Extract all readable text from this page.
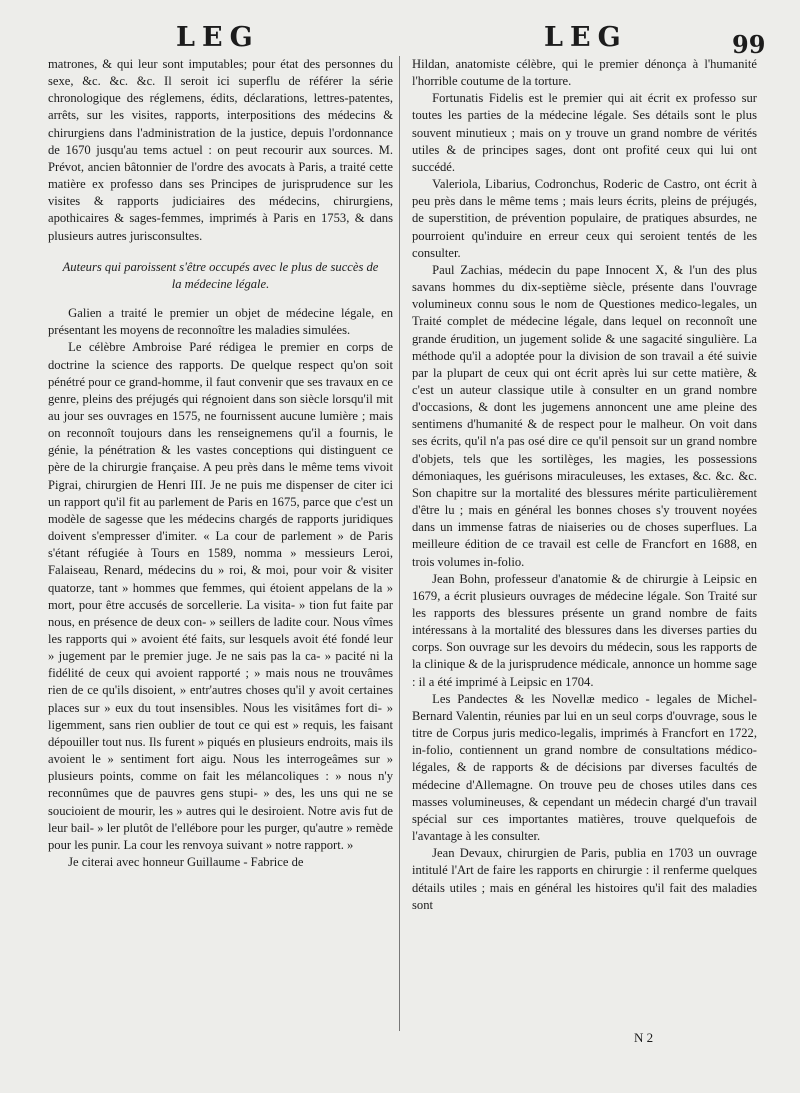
LEG	LEG	99

matrones, & qui leur sont imputables; pour état des personnes du sexe, &c. &c. &c. Il seroit ici superflu de référer la série chronologique des réglemens, édits, déclarations, lettres-patentes, arrêts, sur les visites, rapports, interpositions des médecins & chirurgiens dans l'administration de la justice, depuis l'ordonnance de 1670 jusqu'au tems actuel : on peut recourir aux sources. M. Prévot, ancien bâtonnier de l'ordre des avocats à Paris, a traité cette matière ex professo dans ses Principes de jurisprudence sur les visites & rapports judiciaires des médecins, chirurgiens, apothicaires & sages-femmes, imprimés à Paris en 1753, & dans plusieurs autres jurisconsultes.

Auteurs qui paroissent s'être occupés avec le plus de succès de la médecine légale.

Galien a traité le premier un objet de médecine légale, en présentant les moyens de reconnoître les maladies simulées.

Le célèbre Ambroise Paré rédigea le premier en corps de doctrine la science des rapports. De quelque respect qu'on soit pénétré pour ce grand-homme, il faut convenir que ses travaux en ce genre, pleins des préjugés qui régnoient dans son siècle lorsqu'il mit au jour ses ouvrages en 1575, ne fournissent aucune lumière ; mais on reconnoît toujours dans les renseignemens qu'il a fournis, le génie, la pénétration & les vastes conceptions qui distinguent ce père de la chirurgie française. A peu près dans le même tems vivoit Pigrai, chirurgien de Henri III. Je ne puis me dispenser de citer ici un rapport qu'il fit au parlement de Paris en 1675, parce que c'est un modèle de sagesse que les médecins chargés de rapports juridiques doivent s'empresser d'imiter. « La cour de parlement » de Paris s'étant réfugiée à Tours en 1589, nomma » messieurs Leroi, Falaiseau, Renard, médecins du » roi, & moi, pour voir & visiter quatorze, tant » hommes que femmes, qui étoient appelans de la » mort, pour être accusés de sorcellerie. La visita- » tion fut faite par nous, en présence de deux con- » seillers de ladite cour. Nous vîmes les rapports qui » avoient été faits, sur lesquels avoit été fondé leur » jugement par le premier juge. Je ne sais pas la ca- » pacité ni la fidélité de ceux qui avoient rapporté ; » mais nous ne trouvâmes rien de ce qu'ils disoient, » entr'autres choses qu'il y avoit certaines places sur » eux du tout insensibles. Nous les visitâmes fort di- » ligemment, sans rien oublier de tout ce qui est » requis, les faisant dépouiller tout nus. Ils furent » piqués en plusieurs endroits, mais ils avoient le » sentiment fort aigu. Nous les interrogeâmes sur » plusieurs points, comme on fait les mélancoliques : » nous n'y reconnûmes que de pauvres gens stupi- » des, les uns qui ne se soucioient de mourir, les » autres qui le desiroient. Notre avis fut de leur bail- » ler plutôt de l'ellébore pour les purger, qu'autre » remède pour les punir. La cour les renvoya suivant » notre rapport. »

Je citerai avec honneur Guillaume - Fabrice de

Hildan, anatomiste célèbre, qui le premier dénonça à l'humanité l'horrible coutume de la torture.

Fortunatis Fidelis est le premier qui ait écrit ex professo sur toutes les parties de la médecine légale. Ses détails sont le plus souvent minutieux ; mais on y trouve un grand nombre de vérités utiles & de principes sages, dont ont profité ceux qui lui ont succédé.

Valeriola, Libarius, Codronchus, Roderic de Castro, ont écrit à peu près dans le même tems ; mais leurs écrits, pleins de préjugés, de superstition, de prévention populaire, de pratiques absurdes, ne pourroient qu'induire en erreur ceux qui seroient tentés de les consulter.

Paul Zachias, médecin du pape Innocent X, & l'un des plus savans hommes du dix-septième siècle, présente dans l'ouvrage volumineux connu sous le nom de Questiones medico-legales, un Traité complet de médecine légale, dans lequel on reconnoît une grande érudition, un jugement solide & une sagacité singulière. La méthode qu'il a adoptée pour la division de son travail a été suivie par la plupart de ceux qui ont écrit après lui sur cette matière, & c'est un auteur classique utile à consulter en un grand nombre d'occasions, & dont les jugemens annoncent une ame pleine des sentimens d'humanité & de respect pour le malheur. On voit dans ses écrits, qu'il n'a pas osé dire ce qu'il pensoit sur un grand nombre d'objets, tels que les sortilèges, les magies, les possessions démoniaques, les guérisons miraculeuses, les extases, &c. &c. &c. Son chapitre sur la mortalité des blessures mérite particulièrement d'être lu ; mais en général les bonnes choses s'y trouvent noyées dans un immense fatras de niaiseries ou de choses superflues. La meilleure édition de ce travail est celle de Francfort en 1688, en trois volumes in-folio.

Jean Bohn, professeur d'anatomie & de chirurgie à Leipsic en 1679, a écrit plusieurs ouvrages de médecine légale. Son Traité sur les rapports des blessures présente un grand nombre de faits intéressans à la mortalité des blessures dans les diverses parties du corps. Son ouvrage sur les devoirs du médecin, sous les rapports de la clinique & de la jurisprudence médicale, annonce un homme sage : il a été imprimé à Leipsic en 1704.

Les Pandectes & les Novellæ medico - legales de Michel-Bernard Valentin, réunies par lui en un seul corps d'ouvrage, sous le titre de Corpus juris medico-legalis, imprimés à Francfort en 1722, in-folio, contiennent un grand nombre de consultations médico-légales, & de rapports & de décisions par diverses facultés de médecine d'Allemagne. On trouve peu de choses utiles dans ces masses volumineuses, & cependant un médecin chargé d'un travail spécial sur ces importantes matières, trouve quelquefois de l'avantage à les consulter.

Jean Devaux, chirurgien de Paris, publia en 1703 un ouvrage intitulé l'Art de faire les rapports en chirurgie : il renferme quelques détails utiles ; mais en général les histoires qu'il fait des maladies sont

N 2
